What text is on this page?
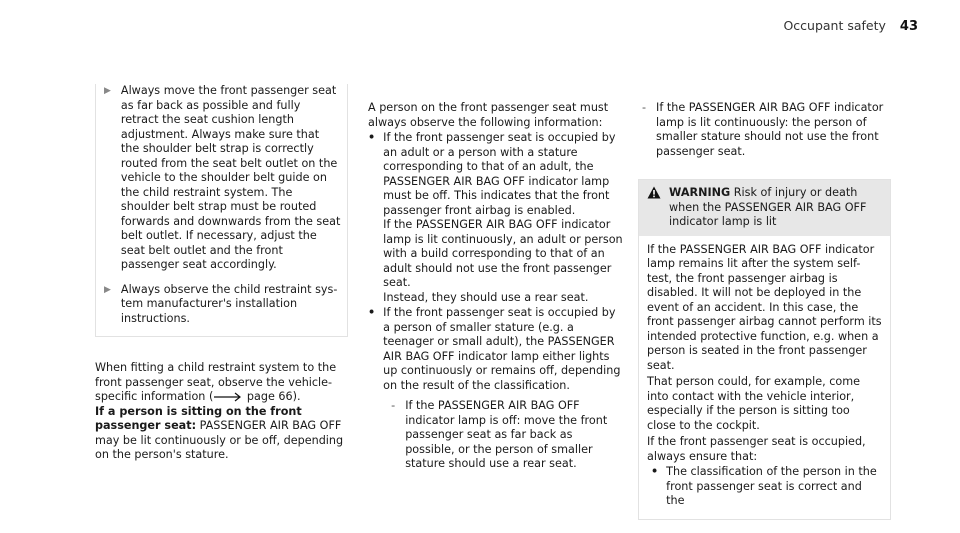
Occupant safety 43
▶ Always move the front passenger seat as far back as possible and fully retract the seat cushion length adjustment. Always make sure that the shoulder belt strap is correctly routed from the seat belt outlet on the vehicle to the shoulder belt guide on the child restraint system. The shoulder belt strap must be routed forwards and downwards from the seat belt outlet. If necessary, adjust the seat belt outlet and the front passenger seat accordingly.

▶ Always observe the child restraint system manufacturer's installation instructions.

When fitting a child restraint system to the front passenger seat, observe the vehicle-specific information (	page 66).

If a person is sitting on the front passenger seat: PASSENGER AIR BAG OFF may be lit continuously or be off, depending on the person's stature.

A person on the front passenger seat must always observe the following information:

• If the front passenger seat is occupied by an adult or a person with a stature corresponding to that of an adult, the PASSENGER AIR BAG OFF indicator lamp must be off. This indicates that the front passenger front airbag is enabled.

If the PASSENGER AIR BAG OFF indicator lamp is lit continuously, an adult or person with a build corresponding to that of an adult should not use the front passenger seat.

Instead, they should use a rear seat.

• If the front passenger seat is occupied by a person of smaller stature (e.g. a teenager or small adult), the PASSENGER AIR BAG OFF indicator lamp either lights up continuously or remains off, depending on the result of the classification.

- If the PASSENGER AIR BAG OFF indicator lamp is off: move the front passenger seat as far back as possible, or the person of smaller stature should use a rear seat.

- If the PASSENGER AIR BAG OFF indicator lamp is lit continuously: the person of smaller stature should not use the front passenger seat.

WARNING Risk of injury or death when the PASSENGER AIR BAG OFF indicator lamp is lit

If the PASSENGER AIR BAG OFF indicator lamp remains lit after the system self-test, the front passenger airbag is disabled. It will not be deployed in the event of an accident. In this case, the front passenger airbag cannot perform its intended protective function, e.g. when a person is seated in the front passenger seat.

That person could, for example, come into contact with the vehicle interior, especially if the person is sitting too close to the cockpit.

If the front passenger seat is occupied, always ensure that:

• The classification of the person in the front passenger seat is correct and the
